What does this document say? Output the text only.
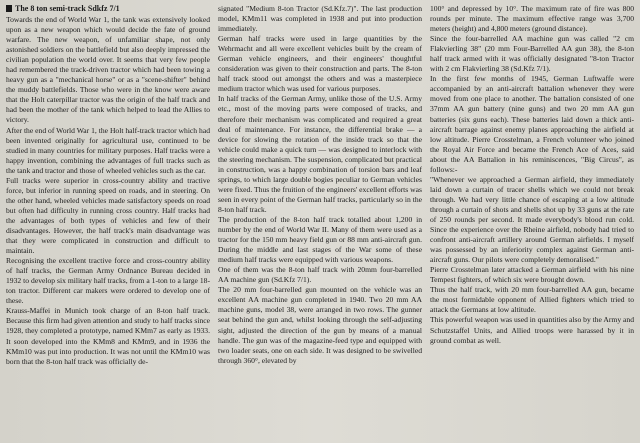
The 8 ton semi-track Sdkfz 7/1

Towards the end of World War 1, the tank was extensively looked upon as a new weapon which would decide the fate of ground warfare. The new weapon, of unfamiliar shape, not only astonished soldiers on the battlefield but also deeply impressed the civilian population the world over. It seems that very few people had remembered the track-driven tractor which had been towing a heavy gun as a "mechanical horse" or as a "scene-shifter" behind the muddy battlefields. Those who were in the know were aware that the Holt caterpillar tractor was the origin of the half track and had been the mother of the tank which helped to lead the Allies to victory.

After the end of World War 1, the Holt half-track tractor which had been invented originally for agricultural use, continued to be studied in many countries for military purposes. Half tracks were a happy invention, combining the advantages of full tracks such as the tank and tractor and those of wheeled vehicles such as the car.

Full tracks were superior in cross-country ability and tractive force, but inferior in running speed on roads, and in steering. On the other hand, wheeled vehicles made satisfactory speeds on road but often had difficulty in running cross country. Half tracks had the advantages of both types of vehicles and few of their disadvantages. However, the half track's main disadvantage was that they were complicated in construction and difficult to maintain.

Recognising the excellent tractive force and cross-country ability of half tracks, the German Army Ordnance Bureau decided in 1932 to develop six military half tracks, from a 1-ton to a large 18-ton tractor. Different car makers were ordered to develop one of these.

Krauss-Maffei in Munich took charge of an 8-ton half track. Because this firm had given attention and study to half tracks since 1928, they completed a prototype, named KMm7 as early as 1933. It soon developed into the KMm8 and KMm9, and in 1936 the KMm10 was put into production. It was not until the KMm10 was born that the 8-ton half track was officially de-

signated "Medium 8-ton Tractor (Sd.Kfz.7)". The last production model, KMm11 was completed in 1938 and put into production immediately.

German half tracks were used in large quantities by the Wehrmacht and all were excellent vehicles built by the cream of German vehicle engineers, and their engineers' thoughtful consideration was given to their construction and parts. The 8-ton half track stood out amongst the others and was a masterpiece medium tractor which was used for various purposes.

In half tracks of the German Army, unlike those of the U.S. Army etc., most of the moving parts were composed of tracks, and therefore their mechanism was complicated and required a great deal of maintenance. For instance, the differential brake — a device for slowing the rotation of the inside track so that the vehicle could make a quick turn — was designed to interlock with the steering mechanism. The suspension, complicated but practical in construction, was a happy combination of torsion bars and leaf springs, to which large double bogies peculiar to German vehicles were fixed. Thus the fruition of the engineers' excellent efforts was seen in every point of the German half tracks, particularly so in the 8-ton half track.

The production of the 8-ton half track totalled about 1,200 in number by the end of World War II. Many of them were used as a tractor for the 150 mm heavy field gun or 88 mm anti-aircraft gun. During the middle and last stages of the War some of these medium half tracks were equipped with various weapons.

One of them was the 8-ton half track with 20mm four-barrelled AA machine gun (Sd.Kfz 7/1).

The 20 mm four-barrelled gun mounted on the vehicle was an excellent AA machine gun completed in 1940. Two 20 mm AA machine guns, model 38, were arranged in two rows. The gunner seat behind the gun and, whilst looking through the self-adjusting sight, adjusted the direction of the gun by means of a manual handle. The gun was of the magazine-feed type and equipped with two loader seats, one on each side. It was designed to be swivelled through 360°, elevated by

100° and depressed by 10°. The maximum rate of fire was 800 rounds per minute. The maximum effective range was 3,700 meters (height) and 4,800 meters (ground distance).

Since the four-barrelled AA machine gun was called "2 cm Flakvierling 38" (20 mm Four-Barrelled AA gun 38), the 8-ton half track armed with it was officially designated "8-ton Tractor with 2 cm Flakvierling 38 (Sd.Kfz 7/1).

In the first few months of 1945, German Luftwaffe were accompanied by an anti-aircraft battalion whenever they were moved from one place to another. The battalion consisted of one 37mm AA gun battery (nine guns) and two 20 mm AA gun batteries (six guns each). These batteries laid down a thick anti-aircraft barrage against enemy planes approaching the airfield at low altitude. Pierre Crosstelman, a French volunteer who joined the Royal Air Force and became the French Ace of Aces, said about the AA Battalion in his reminiscences, "Big Circus", as follows:-

"Whenever we approached a German airfield, they immediately laid down a curtain of tracer shells which we could not break through. We had very little chance of escaping at a low altitude through a curtain of shots and shells shot up by 33 guns at the rate of 250 rounds per second. It made everybody's blood run cold. Since the experience over the Rheine airfield, nobody had tried to confront anti-aircraft artillery around German airfields. I myself was possessed by an inferiority complex against German anti-aircraft guns. Our pilots were completely demoralised."

Pierre Crosstelman later attacked a German airfield with his nine Tempest fighters, of which six were brought down.

Thus the half track, with 20 mm four-barrelled AA gun, became the most formidable opponent of Allied fighters which tried to attack the Germans at low altitude.

This powerful weapon was used in quantities also by the Army and Schutzstaffel Units, and Allied troops were harassed by it in ground combat as well.
